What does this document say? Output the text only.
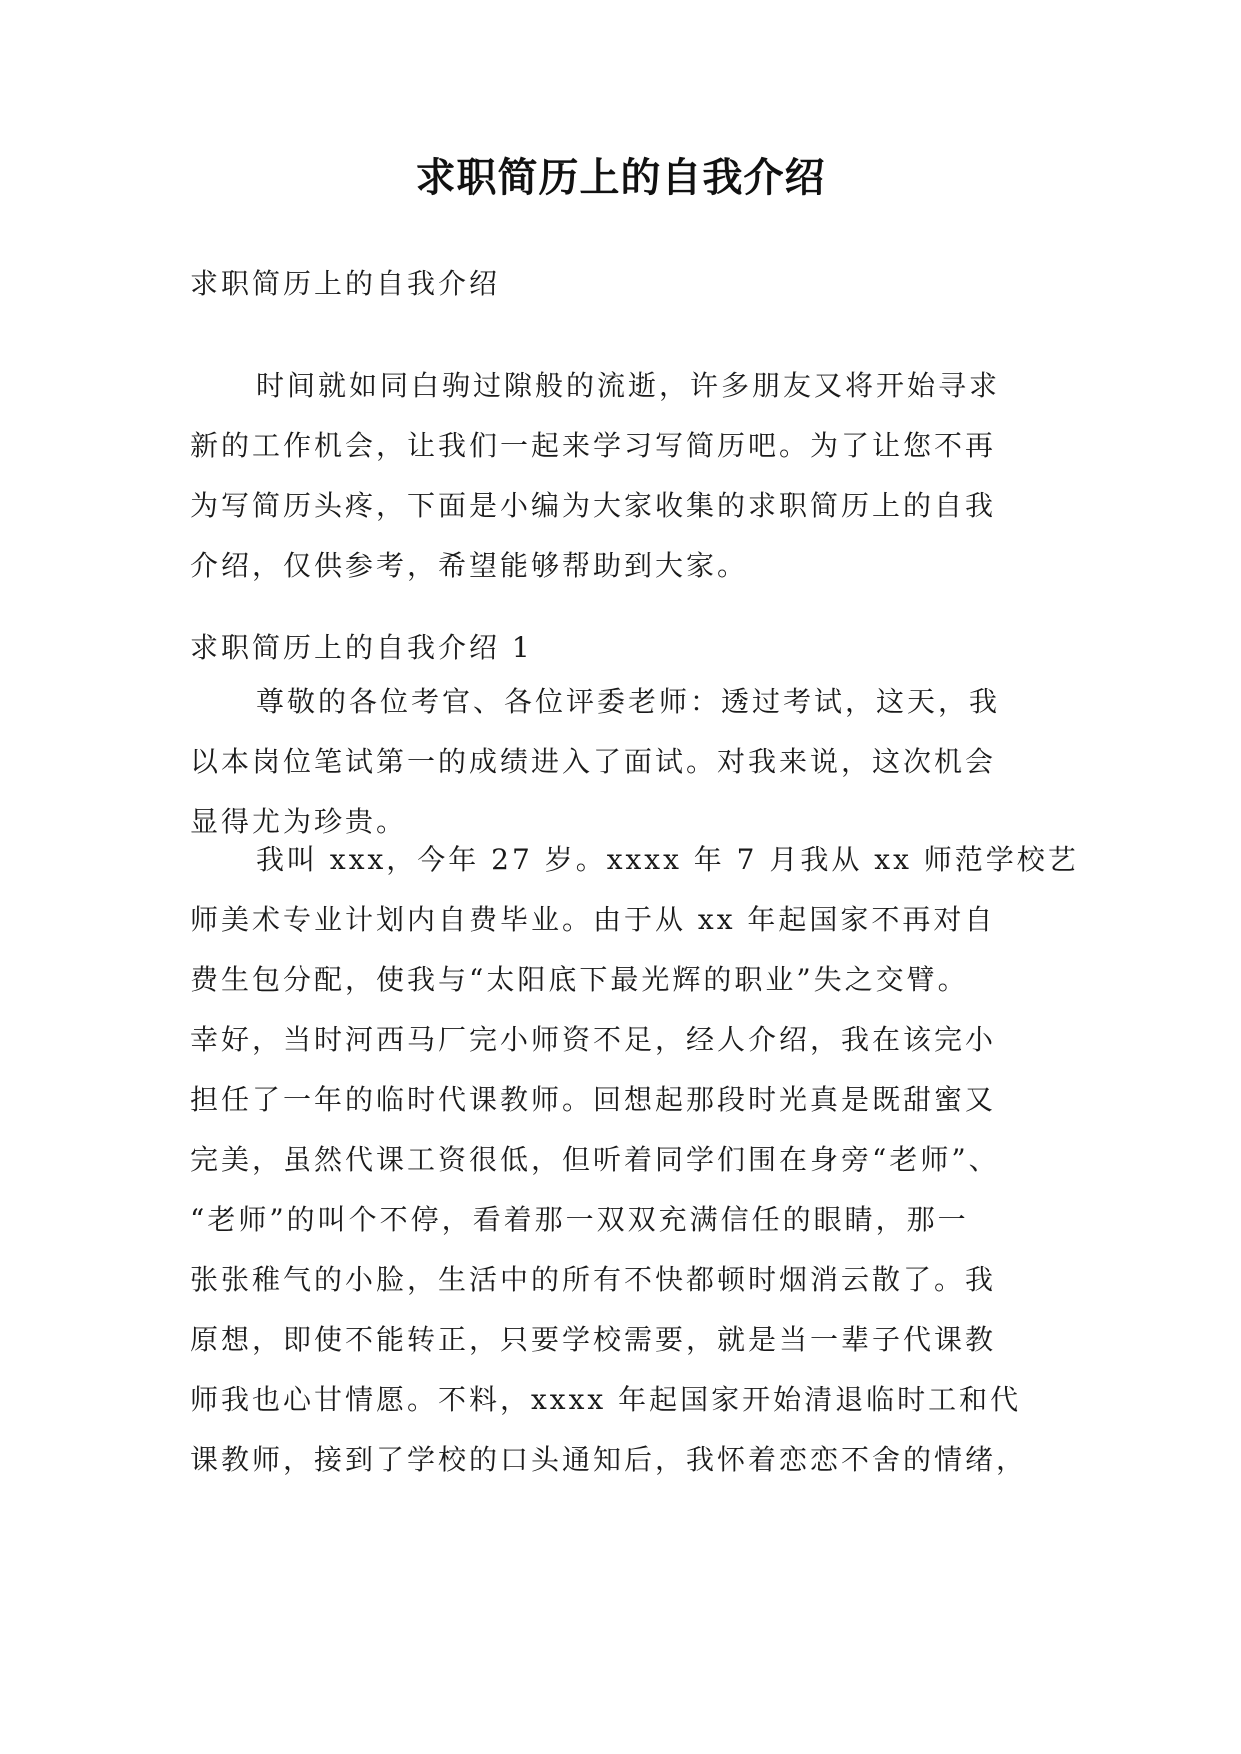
求职简历上的自我介绍
求职简历上的自我介绍
时间就如同白驹过隙般的流逝，许多朋友又将开始寻求
新的工作机会，让我们一起来学习写简历吧。为了让您不再
为写简历头疼，下面是小编为大家收集的求职简历上的自我
介绍，仅供参考，希望能够帮助到大家。
求职简历上的自我介绍 1
尊敬的各位考官、各位评委老师：透过考试，这天，我
以本岗位笔试第一的成绩进入了面试。对我来说，这次机会
显得尤为珍贵。
我叫 xxx，今年 27 岁。xxxx 年 7 月我从 xx 师范学校艺
师美术专业计划内自费毕业。由于从 xx 年起国家不再对自
费生包分配，使我与“太阳底下最光辉的职业”失之交臂。
幸好，当时河西马厂完小师资不足，经人介绍，我在该完小
担任了一年的临时代课教师。回想起那段时光真是既甜蜜又
完美，虽然代课工资很低，但听着同学们围在身旁“老师”、
“老师”的叫个不停，看着那一双双充满信任的眼睛，那一
张张稚气的小脸，生活中的所有不快都顿时烟消云散了。我
原想，即使不能转正，只要学校需要，就是当一辈子代课教
师我也心甘情愿。不料，xxxx 年起国家开始清退临时工和代
课教师，接到了学校的口头通知后，我怀着恋恋不舍的情绪，
